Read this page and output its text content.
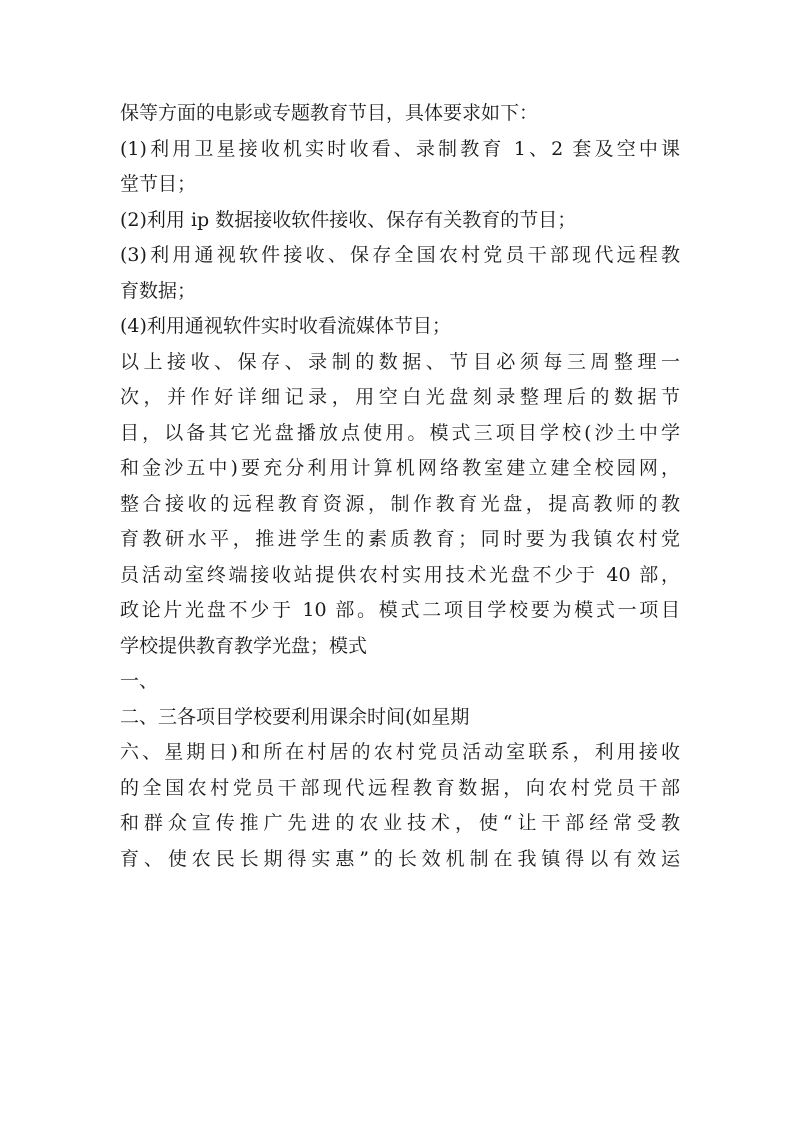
保等方面的电影或专题教育节目，具体要求如下：
(1)利用卫星接收机实时收看、录制教育 1、2 套及空中课
堂节目；
(2)利用 ip 数据接收软件接收、保存有关教育的节目；
(3)利用通视软件接收、保存全国农村党员干部现代远程教
育数据；
(4)利用通视软件实时收看流媒体节目；
以上接收、保存、录制的数据、节目必须每三周整理一
次，并作好详细记录，用空白光盘刻录整理后的数据节
目，以备其它光盘播放点使用。模式三项目学校(沙土中学
和金沙五中)要充分利用计算机网络教室建立建全校园网，
整合接收的远程教育资源，制作教育光盘，提高教师的教
育教研水平，推进学生的素质教育；同时要为我镇农村党
员活动室终端接收站提供农村实用技术光盘不少于 40 部，
政论片光盘不少于 10 部。模式二项目学校要为模式一项目
学校提供教育教学光盘；模式
一、
二、三各项目学校要利用课余时间(如星期
六、星期日)和所在村居的农村党员活动室联系，利用接收
的全国农村党员干部现代远程教育数据，向农村党员干部
和群众宣传推广先进的农业技术，使“让干部经常受教
育、使农民长期得实惠”的长效机制在我镇得以有效运
